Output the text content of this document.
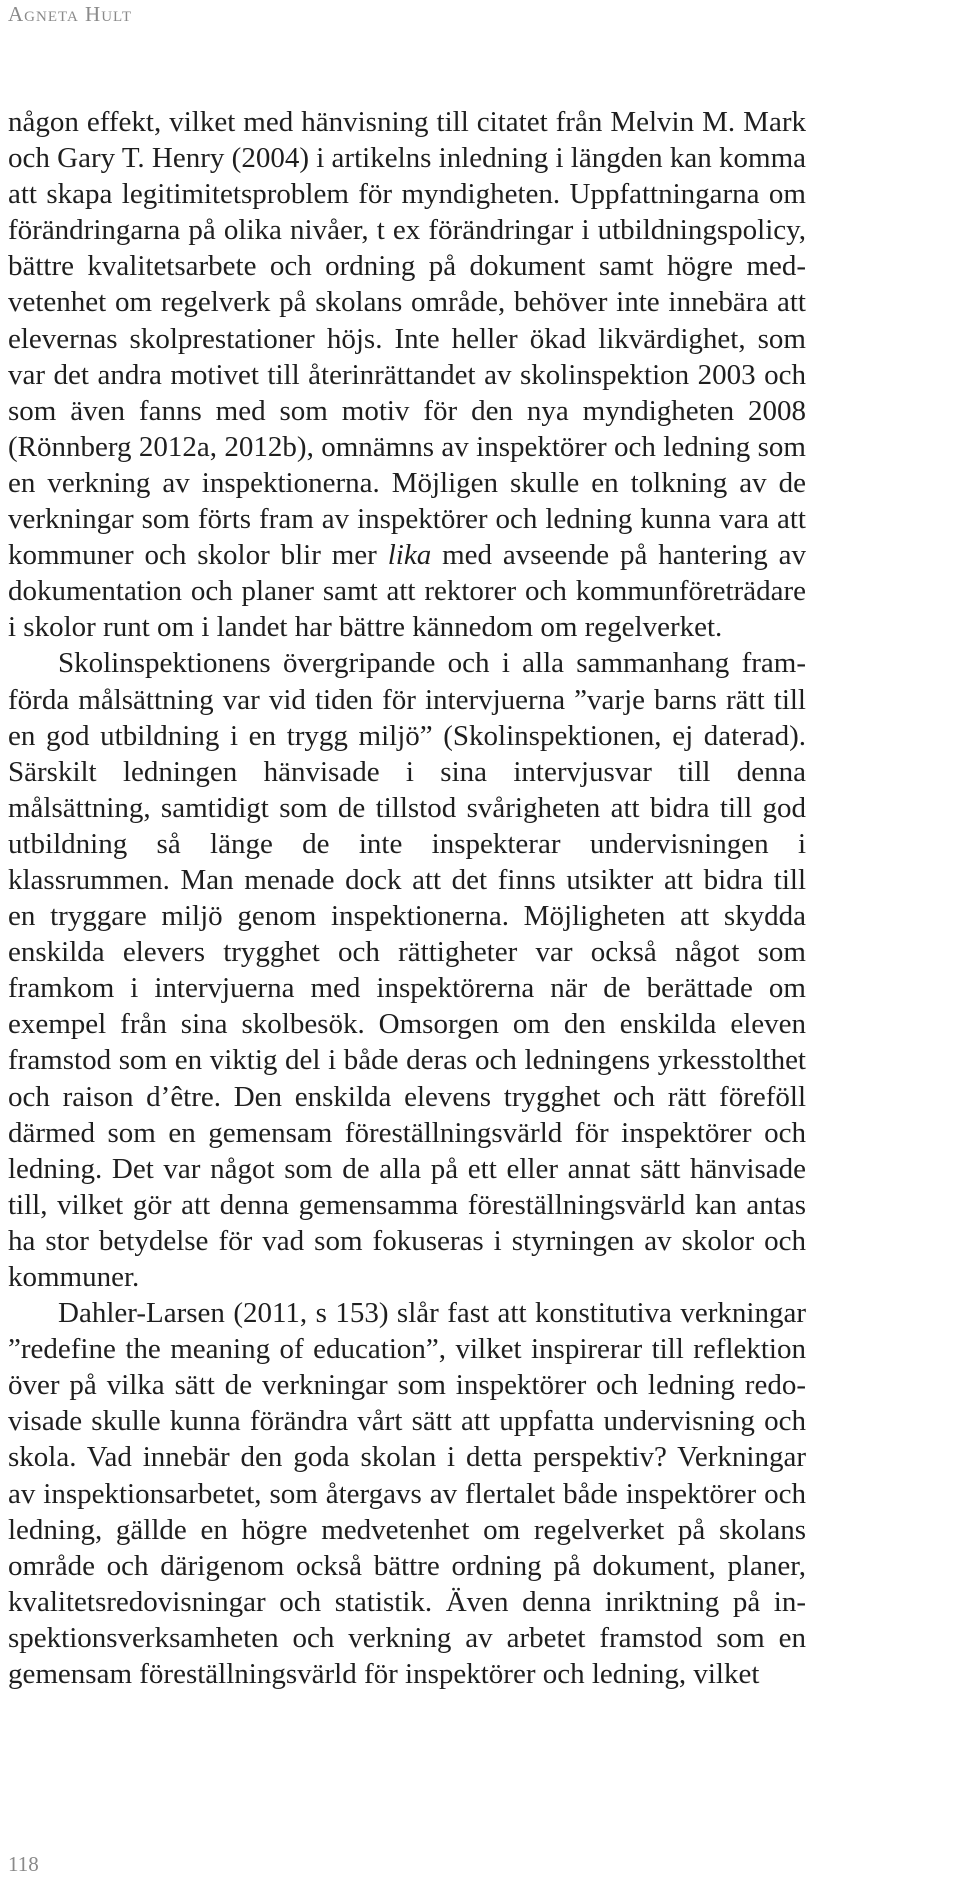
Agneta Hult

någon effekt, vilket med hänvisning till citatet från Melvin M. Mark och Gary T. Henry (2004) i artikelns inledning i längden kan komma att skapa legitimitetsproblem för myndigheten. Uppfattningarna om förändringarna på olika nivåer, t ex förändringar i utbildningspolicy, bättre kvalitetsarbete och ordning på dokument samt högre medvetenhet om regelverk på skolans område, behöver inte innebära att elevernas skolprestationer höjs. Inte heller ökad likvärdighet, som var det andra motivet till återinrättandet av skolinspektion 2003 och som även fanns med som motiv för den nya myndigheten 2008 (Rönnberg 2012a, 2012b), omnämns av inspektörer och ledning som en verkning av inspektionerna. Möjligen skulle en tolkning av de verkningar som förts fram av inspektörer och ledning kunna vara att kommuner och skolor blir mer lika med avseende på hantering av dokumentation och planer samt att rektorer och kommunföreträdare i skolor runt om i landet har bättre kännedom om regelverket.

Skolinspektionens övergripande och i alla sammanhang framförda målsättning var vid tiden för intervjuerna ”varje barns rätt till en god utbildning i en trygg miljö” (Skolinspektionen, ej daterad). Särskilt ledningen hänvisade i sina intervjusvar till denna målsättning, samtidigt som de tillstod svårigheten att bidra till god utbildning så länge de inte inspekterar undervisningen i klassrummen. Man menade dock att det finns utsikter att bidra till en tryggare miljö genom inspektionerna. Möjligheten att skydda enskilda elevers trygghet och rättigheter var också något som framkom i intervjuerna med inspektörerna när de berättade om exempel från sina skolbesök. Omsorgen om den enskilda eleven framstod som en viktig del i både deras och ledningens yrkesstolthet och raison d’être. Den enskilda elevens trygghet och rätt föreföll därmed som en gemensam föreställningsvärld för inspektörer och ledning. Det var något som de alla på ett eller annat sätt hänvisade till, vilket gör att denna gemensamma föreställningsvärld kan antas ha stor betydelse för vad som fokuseras i styrningen av skolor och kommuner.

Dahler-Larsen (2011, s 153) slår fast att konstitutiva verkningar ”redefine the meaning of education”, vilket inspirerar till reflektion över på vilka sätt de verkningar som inspektörer och ledning redovisade skulle kunna förändra vårt sätt att uppfatta undervisning och skola. Vad innebär den goda skolan i detta perspektiv? Verkningar av inspektionsarbetet, som återgavs av flertalet både inspektörer och ledning, gällde en högre medvetenhet om regelverket på skolans område och därigenom också bättre ordning på dokument, planer, kvalitetsredovisningar och statistik. Även denna inriktning på inspektionsverksamheten och verkning av arbetet framstod som en gemensam föreställningsvärld för inspektörer och ledning, vilket

118
